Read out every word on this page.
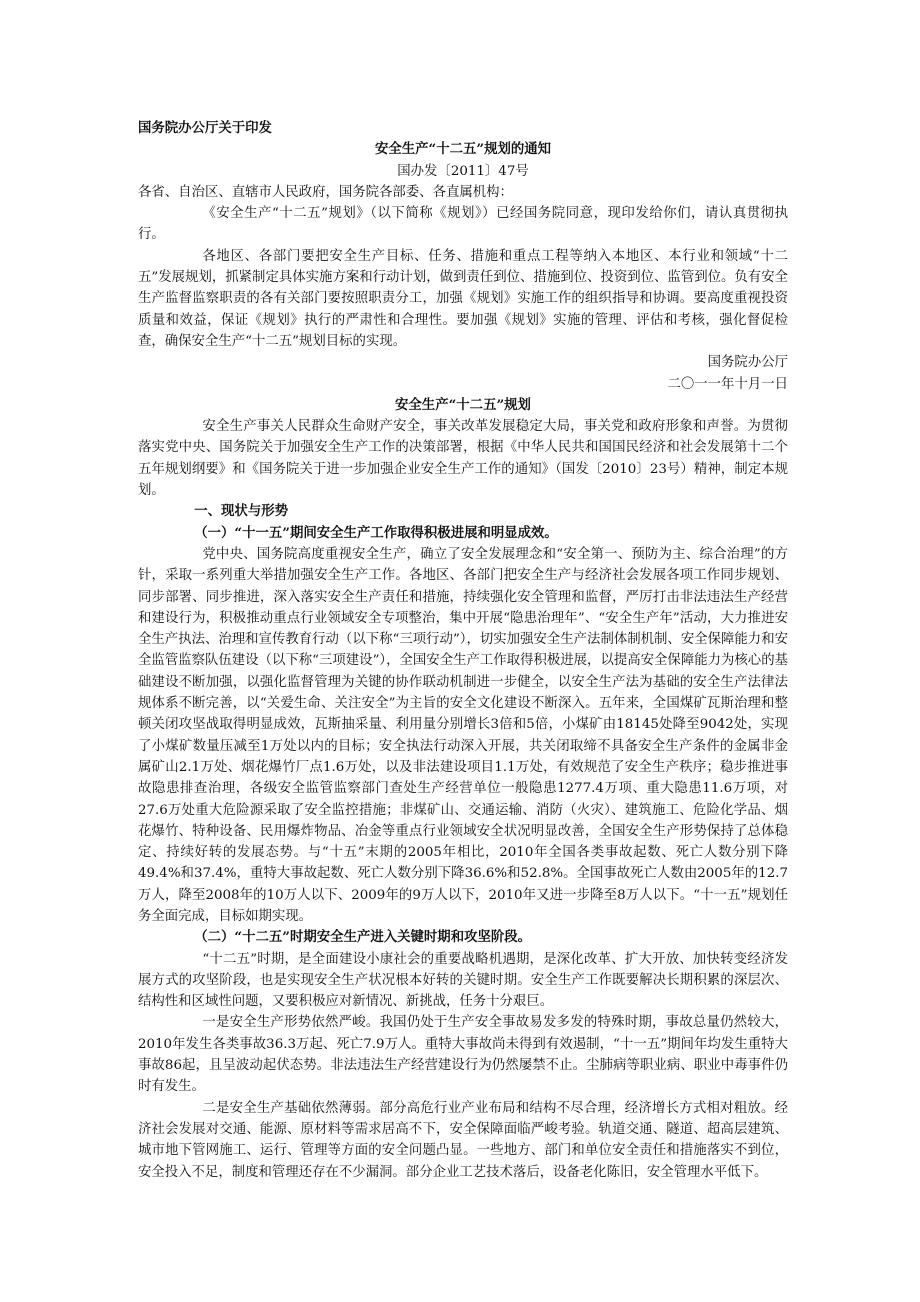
国务院办公厅关于印发

安全生产“十二五”规划的通知

国办发〔2011〕47号

各省、自治区、直辖市人民政府，国务院各部委、各直属机构：

《安全生产“十二五”规划》（以下简称《规划》）已经国务院同意，现印发给你们，请认真贯彻执行。

各地区、各部门要把安全生产目标、任务、措施和重点工程等纳入本地区、本行业和领域“十二五”发展规划，抓紧制定具体实施方案和行动计划，做到责任到位、措施到位、投资到位、监管到位。负有安全生产监督监察职责的各有关部门要按照职责分工，加强《规划》实施工作的组织指导和协调。要高度重视投资质量和效益，保证《规划》执行的严肃性和合理性。要加强《规划》实施的管理、评估和考核，强化督促检查，确保安全生产“十二五”规划目标的实现。

国务院办公厅

二〇一一年十月一日

安全生产“十二五”规划

安全生产事关人民群众生命财产安全，事关改革发展稳定大局，事关党和政府形象和声誉。为贯彻落实党中央、国务院关于加强安全生产工作的决策部署，根据《中华人民共和国国民经济和社会发展第十二个五年规划纲要》和《国务院关于进一步加强企业安全生产工作的通知》（国发〔2010〕23号）精神，制定本规划。

一、现状与形势

（一）“十一五”期间安全生产工作取得积极进展和明显成效。

党中央、国务院高度重视安全生产，确立了安全发展理念和“安全第一、预防为主、综合治理”的方针，采取一系列重大举措加强安全生产工作。各地区、各部门把安全生产与经济社会发展各项工作同步规划、同步部署、同步推进，深入落实安全生产责任和措施，持续强化安全管理和监督，严厉打击非法违法生产经营和建设行为，积极推动重点行业领域安全专项整治，集中开展“隐患治理年”、“安全生产年”活动，大力推进安全生产执法、治理和宣传教育行动（以下称“三项行动”），切实加强安全生产法制体制机制、安全保障能力和安全监管监察队伍建设（以下称“三项建设”），全国安全生产工作取得积极进展，以提高安全保障能力为核心的基础建设不断加强，以强化监督管理为关键的协作联动机制进一步健全，以安全生产法为基础的安全生产法律法规体系不断完善，以“关爱生命、关注安全”为主旨的安全文化建设不断深入。五年来，全国煤矿瓦斯治理和整顿关闭攻坚战取得明显成效，瓦斯抽采量、利用量分别增长3倍和5倍，小煤矿由18145处降至9042处，实现了小煤矿数量压减至1万处以内的目标；安全执法行动深入开展，共关闭取缔不具备安全生产条件的金属非金属矿山2.1万处、烟花爆竹厂点1.6万处，以及非法建设项目1.1万处，有效规范了安全生产秩序；稳步推进事故隐患排查治理，各级安全监管监察部门查处生产经营单位一般隐患1277.4万项、重大隐患11.6万项，对27.6万处重大危险源采取了安全监控措施；非煤矿山、交通运输、消防（火灾）、建筑施工、危险化学品、烟花爆竹、特种设备、民用爆炸物品、冶金等重点行业领域安全状况明显改善，全国安全生产形势保持了总体稳定、持续好转的发展态势。与“十五”末期的2005年相比，2010年全国各类事故起数、死亡人数分别下降49.4%和37.4%，重特大事故起数、死亡人数分别下降36.6%和52.8%。全国事故死亡人数由2005年的12.7万人，降至2008年的10万人以下、2009年的9万人以下，2010年又进一步降至8万人以下。“十一五”规划任务全面完成，目标如期实现。

（二）“十二五”时期安全生产进入关键时期和攻坚阶段。

“十二五”时期，是全面建设小康社会的重要战略机遇期，是深化改革、扩大开放、加快转变经济发展方式的攻坚阶段，也是实现安全生产状况根本好转的关键时期。安全生产工作既要解决长期积累的深层次、结构性和区域性问题，又要积极应对新情况、新挑战，任务十分艰巨。

一是安全生产形势依然严峻。我国仍处于生产安全事故易发多发的特殊时期，事故总量仍然较大，2010年发生各类事故36.3万起、死亡7.9万人。重特大事故尚未得到有效遏制，“十一五”期间年均发生重特大事故86起，且呈波动起伏态势。非法违法生产经营建设行为仍然屡禁不止。尘肺病等职业病、职业中毒事件仍时有发生。

二是安全生产基础依然薄弱。部分高危行业产业布局和结构不尽合理，经济增长方式相对粗放。经济社会发展对交通、能源、原材料等需求居高不下，安全保障面临严峻考验。轨道交通、隧道、超高层建筑、城市地下管网施工、运行、管理等方面的安全问题凸显。一些地方、部门和单位安全责任和措施落实不到位，安全投入不足，制度和管理还存在不少漏洞。部分企业工艺技术落后，设备老化陈旧，安全管理水平低下。
